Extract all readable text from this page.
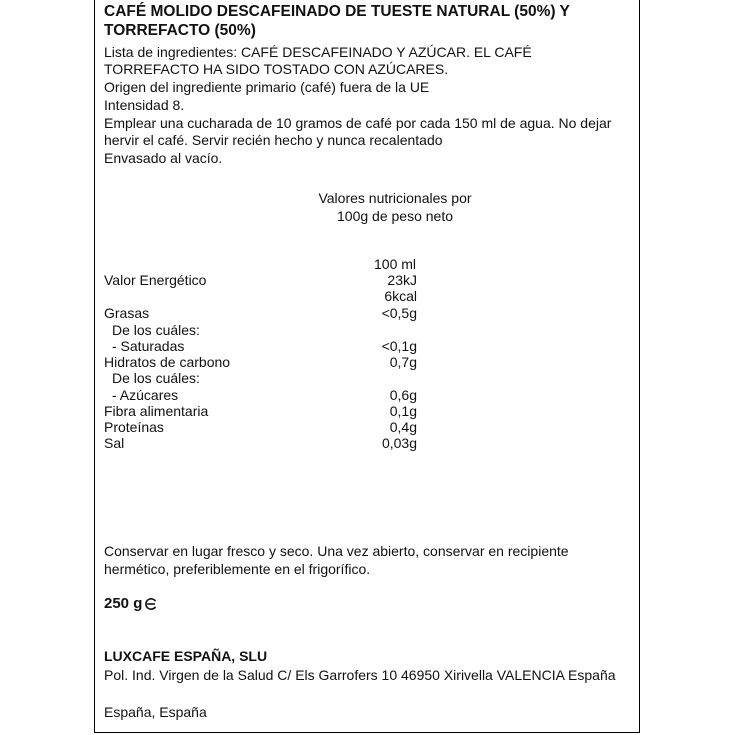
CAFÉ MOLIDO DESCAFEINADO DE TUESTE NATURAL (50%) Y TORREFACTO (50%)
Lista de ingredientes: CAFÉ DESCAFEINADO Y AZÚCAR. EL CAFÉ
TORREFACTO HA SIDO TOSTADO CON AZÚCARES.
Origen del ingrediente primario (café) fuera de la UE
Intensidad 8.
Emplear una cucharada de 10 gramos de café por cada 150 ml de agua. No dejar
hervir el café. Servir recién hecho y nunca recalentado
Envasado al vacío.
Valores nutricionales por
100g de peso neto
100 ml
Valor Energético	23kJ
6kcal
Grasas	<0,5g
De los cuáles:
- Saturadas	<0,1g
Hidratos de carbono	0,7g
De los cuáles:
- Azúcares	0,6g
Fibra alimentaria	0,1g
Proteínas	0,4g
Sal	0,03g
Conservar en lugar fresco y seco. Una vez abierto, conservar en recipiente
hermético, preferiblemente en el frigorífico.
250 g
LUXCAFE ESPAÑA, SLU
Pol. Ind. Virgen de la Salud C/ Els Garrofers 10 46950 Xirivella VALENCIA España
España, España
